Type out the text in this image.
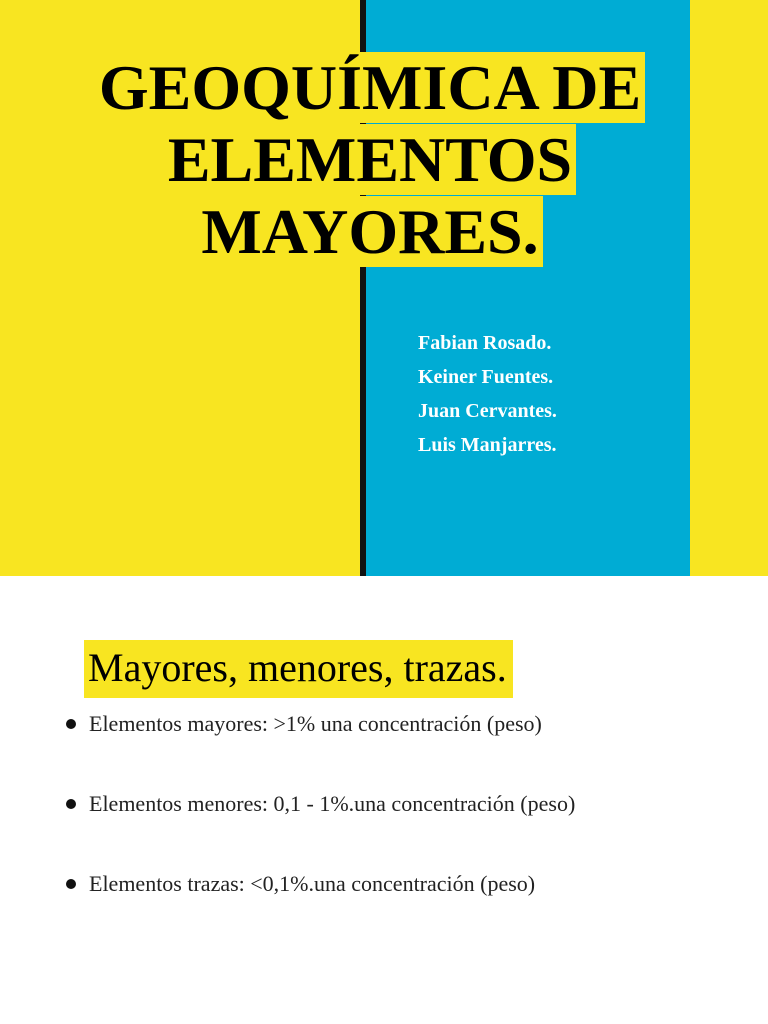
GEOQUÍMICA DE
ELEMENTOS
MAYORES.
Fabian Rosado.
Keiner Fuentes.
Juan Cervantes.
Luis Manjarres.
Mayores, menores, trazas.
Elementos mayores: >1% una concentración (peso)
Elementos menores: 0,1 - 1%.una concentración (peso)
Elementos trazas: <0,1%.una concentración (peso)
